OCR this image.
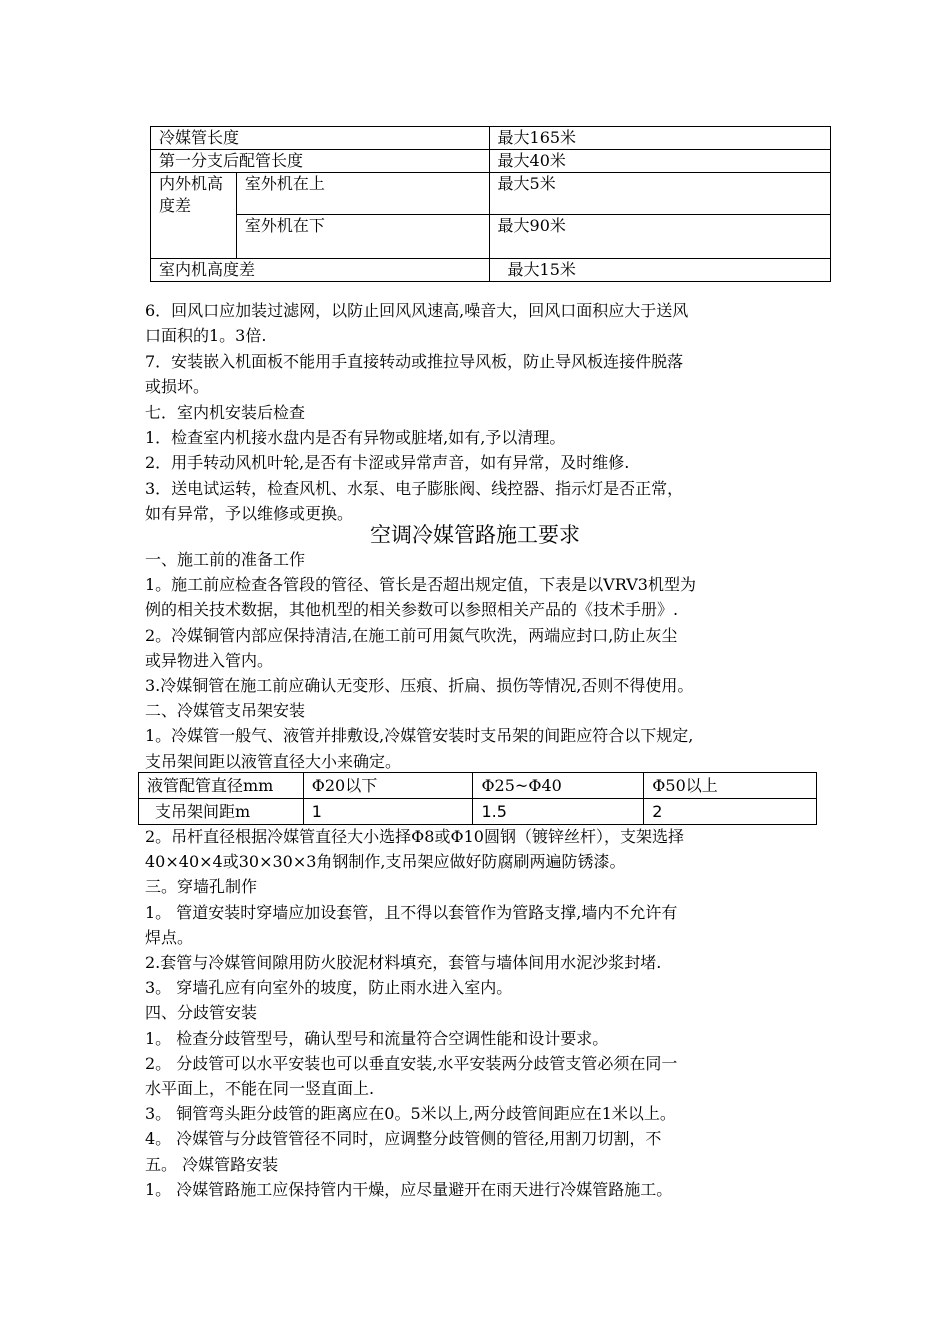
冷媒管长度		最大165米
第一分支后配管长度		最大40米
内外机高度差	室外机在上	最大5米
	室外机在下	最大90米
室内机高度差		最大15米
6．回风口应加装过滤网，以防止回风风速高,噪音大，回风口面积应大于送风
口面积的1。3倍.
7．安装嵌入机面板不能用手直接转动或推拉导风板，防止导风板连接件脱落
或损坏。
七．室内机安装后检查
1．检查室内机接水盘内是否有异物或脏堵,如有,予以清理。
2．用手转动风机叶轮,是否有卡涩或异常声音，如有异常，及时维修.
3．送电试运转，检查风机、水泵、电子膨胀阀、线控器、指示灯是否正常，
如有异常，予以维修或更换。
空调冷媒管路施工要求
一、施工前的准备工作
1。施工前应检查各管段的管径、管长是否超出规定值，下表是以VRV3机型为
例的相关技术数据，其他机型的相关参数可以参照相关产品的《技术手册》.
2。冷媒铜管内部应保持清洁,在施工前可用氮气吹洗，两端应封口,防止灰尘
或异物进入管内。
3.冷媒铜管在施工前应确认无变形、压痕、折扁、损伤等情况,否则不得使用。
二、冷媒管支吊架安装
1。冷媒管一般气、液管并排敷设,冷媒管安装时支吊架的间距应符合以下规定,
支吊架间距以液管直径大小来确定。
液管配管直径mm	Φ20以下	Φ25~Φ40	Φ50以上
支吊架间距m	1	1.5	2
2。吊杆直径根据冷媒管直径大小选择Φ8或Φ10圆钢（镀锌丝杆），支架选择
40×40×4或30×30×3角钢制作,支吊架应做好防腐刷两遍防锈漆。
三。穿墙孔制作
1。 管道安装时穿墙应加设套管，且不得以套管作为管路支撑,墙内不允许有
焊点。
2.套管与冷媒管间隙用防火胶泥材料填充，套管与墙体间用水泥沙浆封堵.
3。 穿墙孔应有向室外的坡度，防止雨水进入室内。
四、分歧管安装
1。 检查分歧管型号，确认型号和流量符合空调性能和设计要求。
2。 分歧管可以水平安装也可以垂直安装,水平安装两分歧管支管必须在同一
水平面上，不能在同一竖直面上.
3。 铜管弯头距分歧管的距离应在0。5米以上,两分歧管间距应在1米以上。
4。 冷媒管与分歧管管径不同时，应调整分歧管侧的管径,用割刀切割，不
五。 冷媒管路安装
1。 冷媒管路施工应保持管内干燥，应尽量避开在雨天进行冷媒管路施工。
